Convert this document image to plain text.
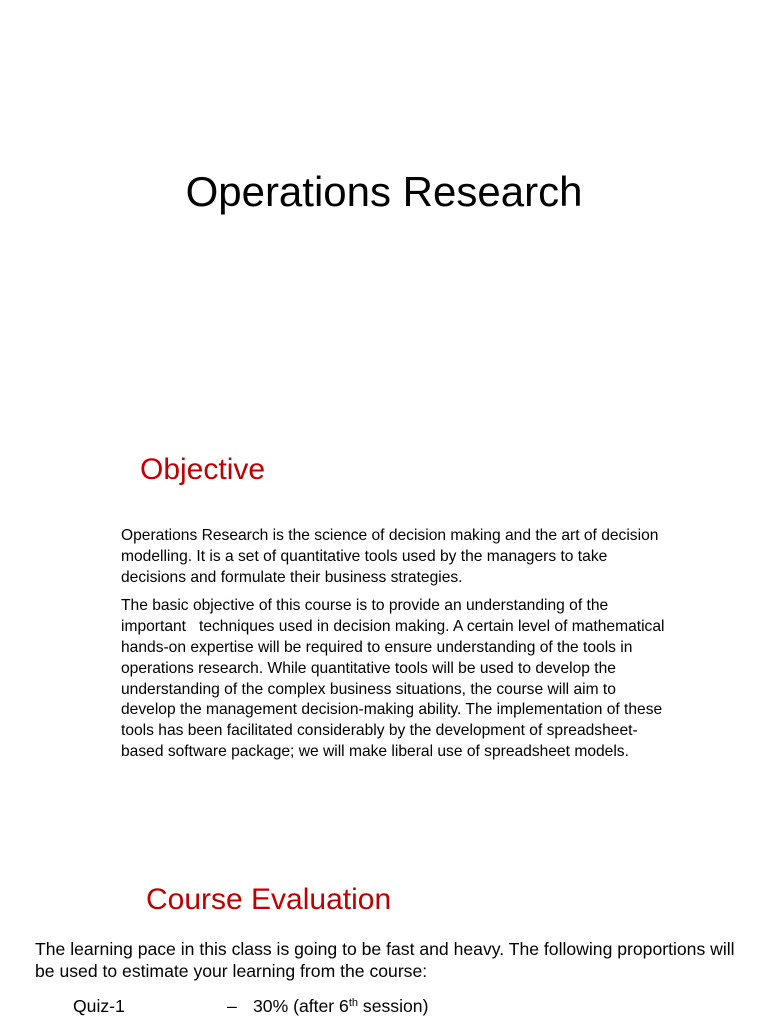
Operations Research
Objective

Operations Research is the science of decision making and the art of decision modelling. It is a set of quantitative tools used by the managers to take decisions and formulate their business strategies.

The basic objective of this course is to provide an understanding of the important   techniques used in decision making. A certain level of mathematical hands-on expertise will be required to ensure understanding of the tools in operations research. While quantitative tools will be used to develop the understanding of the complex business situations, the course will aim to develop the management decision-making ability. The implementation of these tools has been facilitated considerably by the development of spreadsheet-based software package; we will make liberal use of spreadsheet models.

Course Evaluation

The learning pace in this class is going to be fast and heavy. The following proportions will be used to estimate your learning from the course:

Quiz-1	– 30% (after 6th session)
